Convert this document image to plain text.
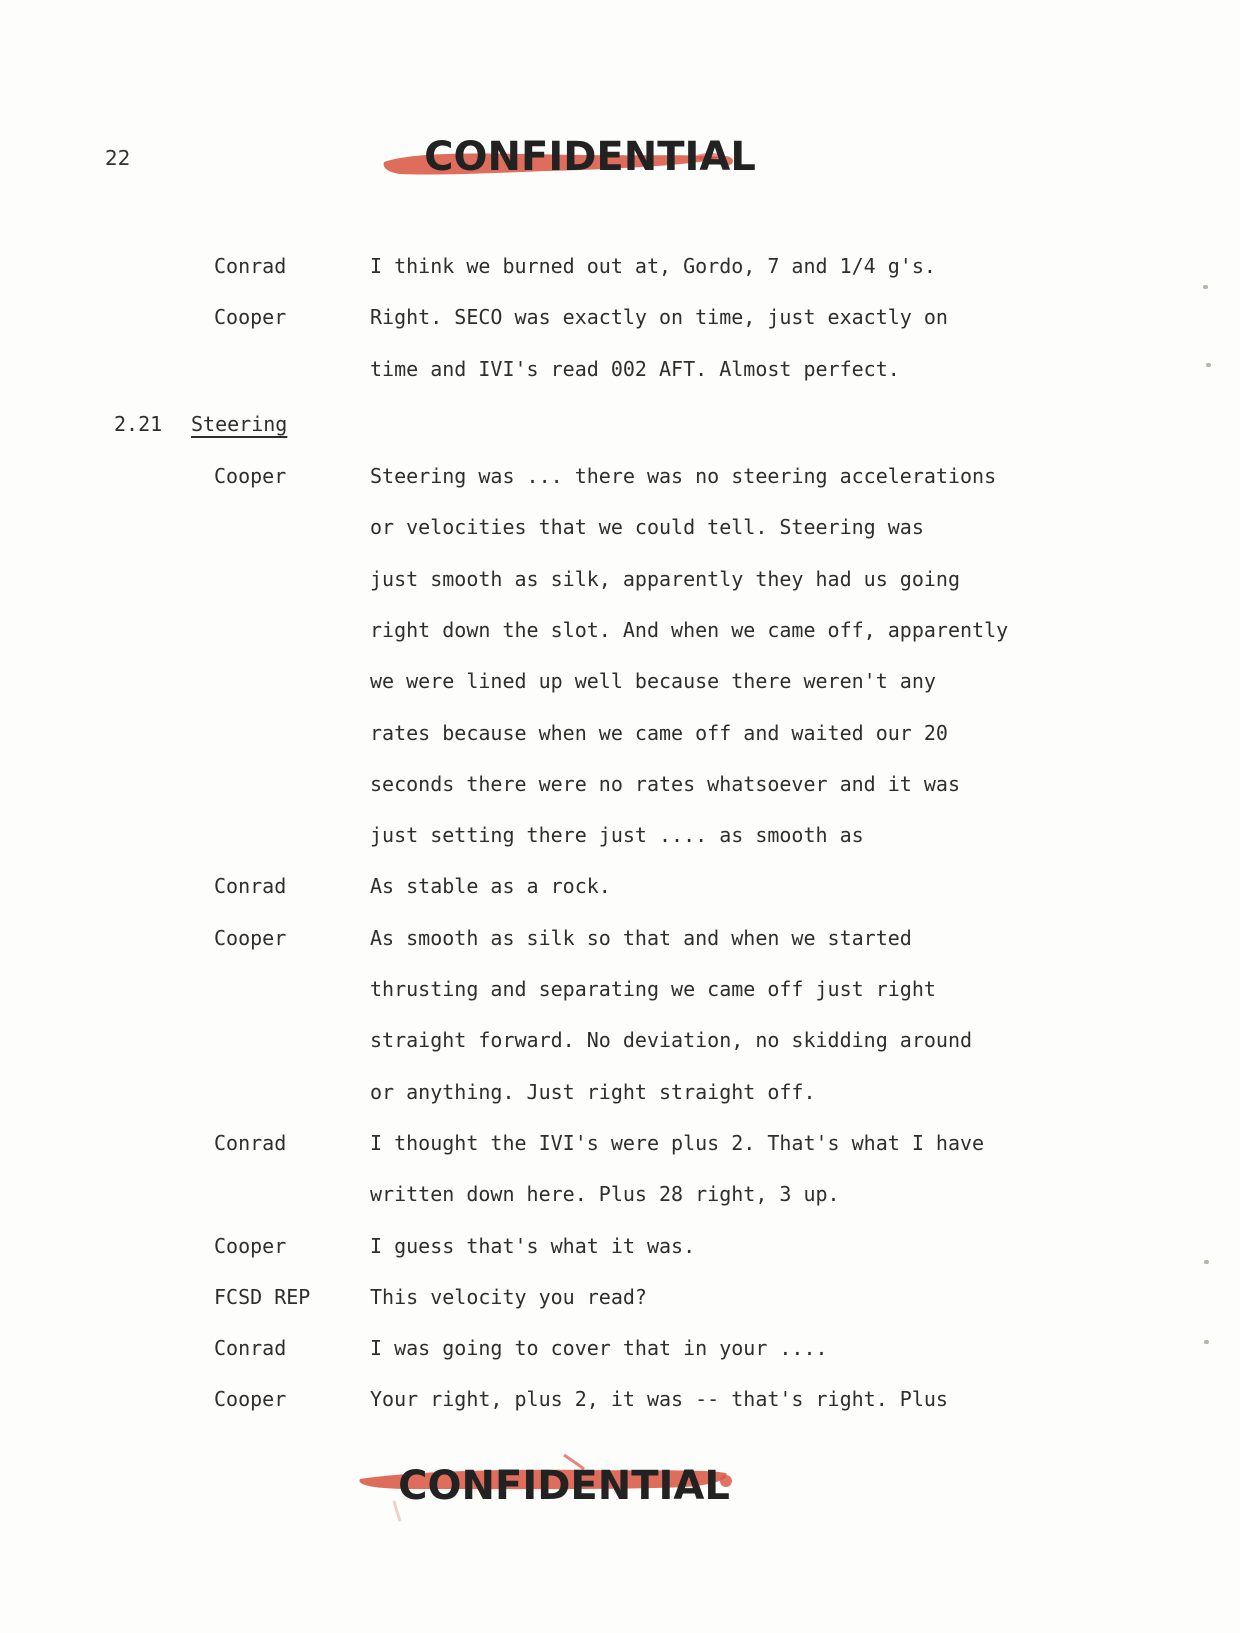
22	CONFIDENTIAL
Conrad	I think we burned out at, Gordo, 7 and 1/4 g's.
Cooper	Right. SECO was exactly on time, just exactly on
time and IVI's read 002 AFT. Almost perfect.
Cooper	Steering was ... there was no steering accelerations
or velocities that we could tell. Steering was
just smooth as silk, apparently they had us going
right down the slot. And when we came off, apparently
we were lined up well because there weren't any
rates because when we came off and waited our 20
seconds there were no rates whatsoever and it was
just setting there just .... as smooth as
Conrad	As stable as a rock.
Cooper	As smooth as silk so that and when we started
thrusting and separating we came off just right
straight forward. No deviation, no skidding around
or anything. Just right straight off.
Conrad	I thought the IVI's were plus 2. That's what I have
written down here. Plus 28 right, 3 up.
Cooper	I guess that's what it was.
FCSD REP	This velocity you read?
Conrad	I was going to cover that in your ....
Cooper	Your right, plus 2, it was -- that's right. Plus
2.21 Steering
CONFIDENTIAL
